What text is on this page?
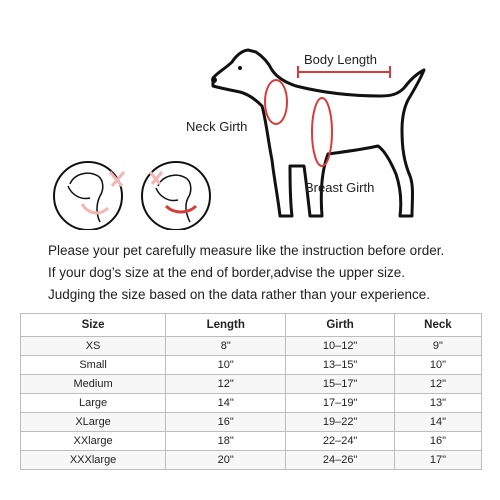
Body Length
Neck Girth
Breast Girth

Please your pet carefully measure like the instruction before order.

If your dog’s size at the end of border,advise the upper size.

Judging the size based on the data rather than your experience.

Size	Length	Girth	Neck
XS	8"	10–12"	9"
Small	10"	13–15"	10"
Medium	12"	15–17"	12"
Large	14"	17–19"	13"
XLarge	16"	19–22"	14"
XXlarge	18"	22–24"	16"
XXXlarge	20"	24–26"	17"
